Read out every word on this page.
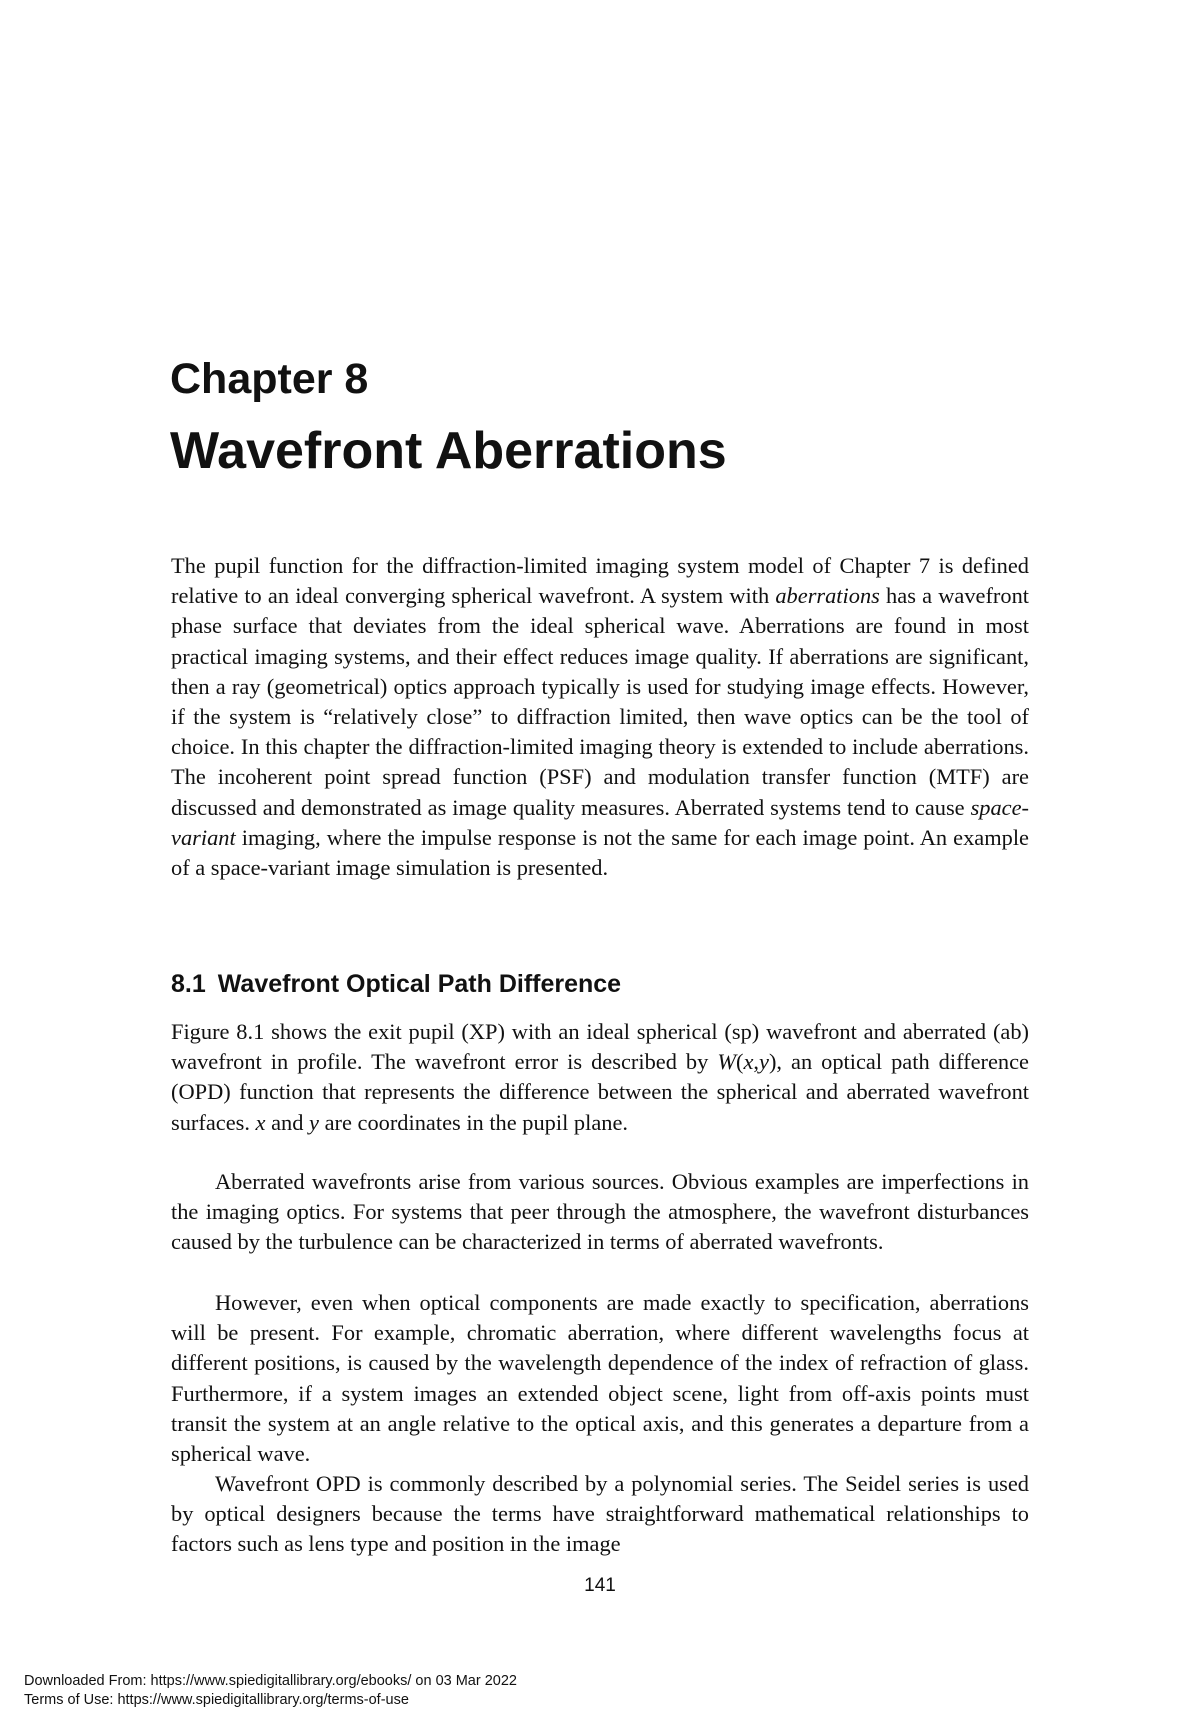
Chapter 8
Wavefront Aberrations

The pupil function for the diffraction-limited imaging system model of Chapter 7 is defined relative to an ideal converging spherical wavefront. A system with aberrations has a wavefront phase surface that deviates from the ideal spherical wave. Aberrations are found in most practical imaging systems, and their effect reduces image quality. If aberrations are significant, then a ray (geometrical) optics approach typically is used for studying image effects. However, if the system is “relatively close” to diffraction limited, then wave optics can be the tool of choice. In this chapter the diffraction-limited imaging theory is extended to include aberrations. The incoherent point spread function (PSF) and modulation transfer function (MTF) are discussed and demonstrated as image quality measures. Aberrated systems tend to cause space-variant imaging, where the impulse response is not the same for each image point. An example of a space-variant image simulation is presented.

8.1 Wavefront Optical Path Difference

Figure 8.1 shows the exit pupil (XP) with an ideal spherical (sp) wavefront and aberrated (ab) wavefront in profile. The wavefront error is described by W(x,y), an optical path difference (OPD) function that represents the difference between the spherical and aberrated wavefront surfaces. x and y are coordinates in the pupil plane.

Aberrated wavefronts arise from various sources. Obvious examples are imperfections in the imaging optics. For systems that peer through the atmosphere, the wavefront disturbances caused by the turbulence can be characterized in terms of aberrated wavefronts.

However, even when optical components are made exactly to specification, aberrations will be present. For example, chromatic aberration, where different wavelengths focus at different positions, is caused by the wavelength dependence of the index of refraction of glass. Furthermore, if a system images an extended object scene, light from off-axis points must transit the system at an angle relative to the optical axis, and this generates a departure from a spherical wave.

Wavefront OPD is commonly described by a polynomial series. The Seidel series is used by optical designers because the terms have straightforward mathematical relationships to factors such as lens type and position in the image

141
Downloaded From: https://www.spiedigitallibrary.org/ebooks/ on 03 Mar 2022
Terms of Use: https://www.spiedigitallibrary.org/terms-of-use
